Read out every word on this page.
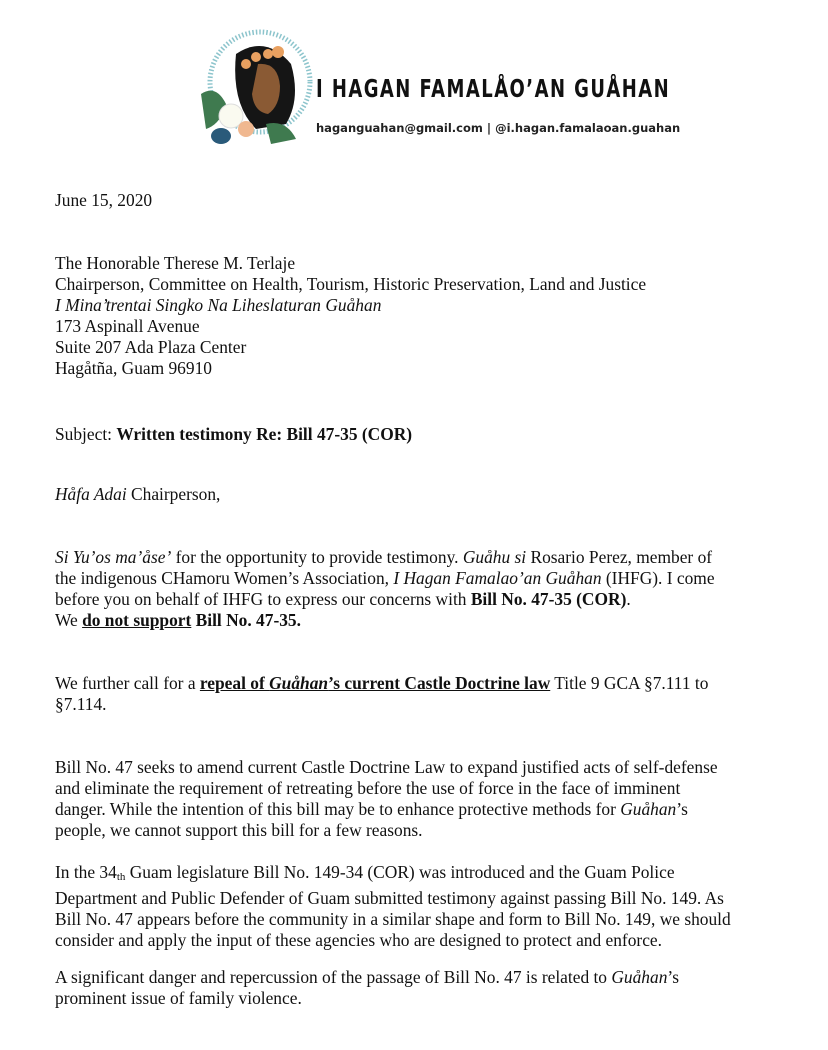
I HAGAN FAMALÅO’AN GUÅHAN
haganguahan@gmail.com | @i.hagan.famalaoan.guahan
June 15, 2020
The Honorable Therese M. Terlaje
Chairperson, Committee on Health, Tourism, Historic Preservation, Land and Justice
I Mina’trentai Singko Na Liheslaturan Guåhan
173 Aspinall Avenue
Suite 207 Ada Plaza Center
Hagåtña, Guam 96910
Subject: Written testimony Re: Bill 47-35 (COR)
Håfa Adai Chairperson,
Si Yu’os ma’åse’ for the opportunity to provide testimony. Guåhu si Rosario Perez, member of
the indigenous CHamoru Women’s Association, I Hagan Famalao’an Guåhan (IHFG). I come
before you on behalf of IHFG to express our concerns with Bill No. 47-35 (COR).
We do not support Bill No. 47-35.
We further call for a repeal of Guåhan’s current Castle Doctrine law Title 9 GCA §7.111 to
§7.114.
Bill No. 47 seeks to amend current Castle Doctrine Law to expand justified acts of self-defense
and eliminate the requirement of retreating before the use of force in the face of imminent
danger. While the intention of this bill may be to enhance protective methods for Guåhan’s
people, we cannot support this bill for a few reasons.
In the $34_{th}$ Guam legislature Bill No. 149-34 (COR) was introduced and the Guam Police
Department and Public Defender of Guam submitted testimony against passing Bill No. 149. As
Bill No. 47 appears before the community in a similar shape and form to Bill No. 149, we should
consider and apply the input of these agencies who are designed to protect and enforce.
A significant danger and repercussion of the passage of Bill No. 47 is related to Guåhan’s
prominent issue of family violence.
